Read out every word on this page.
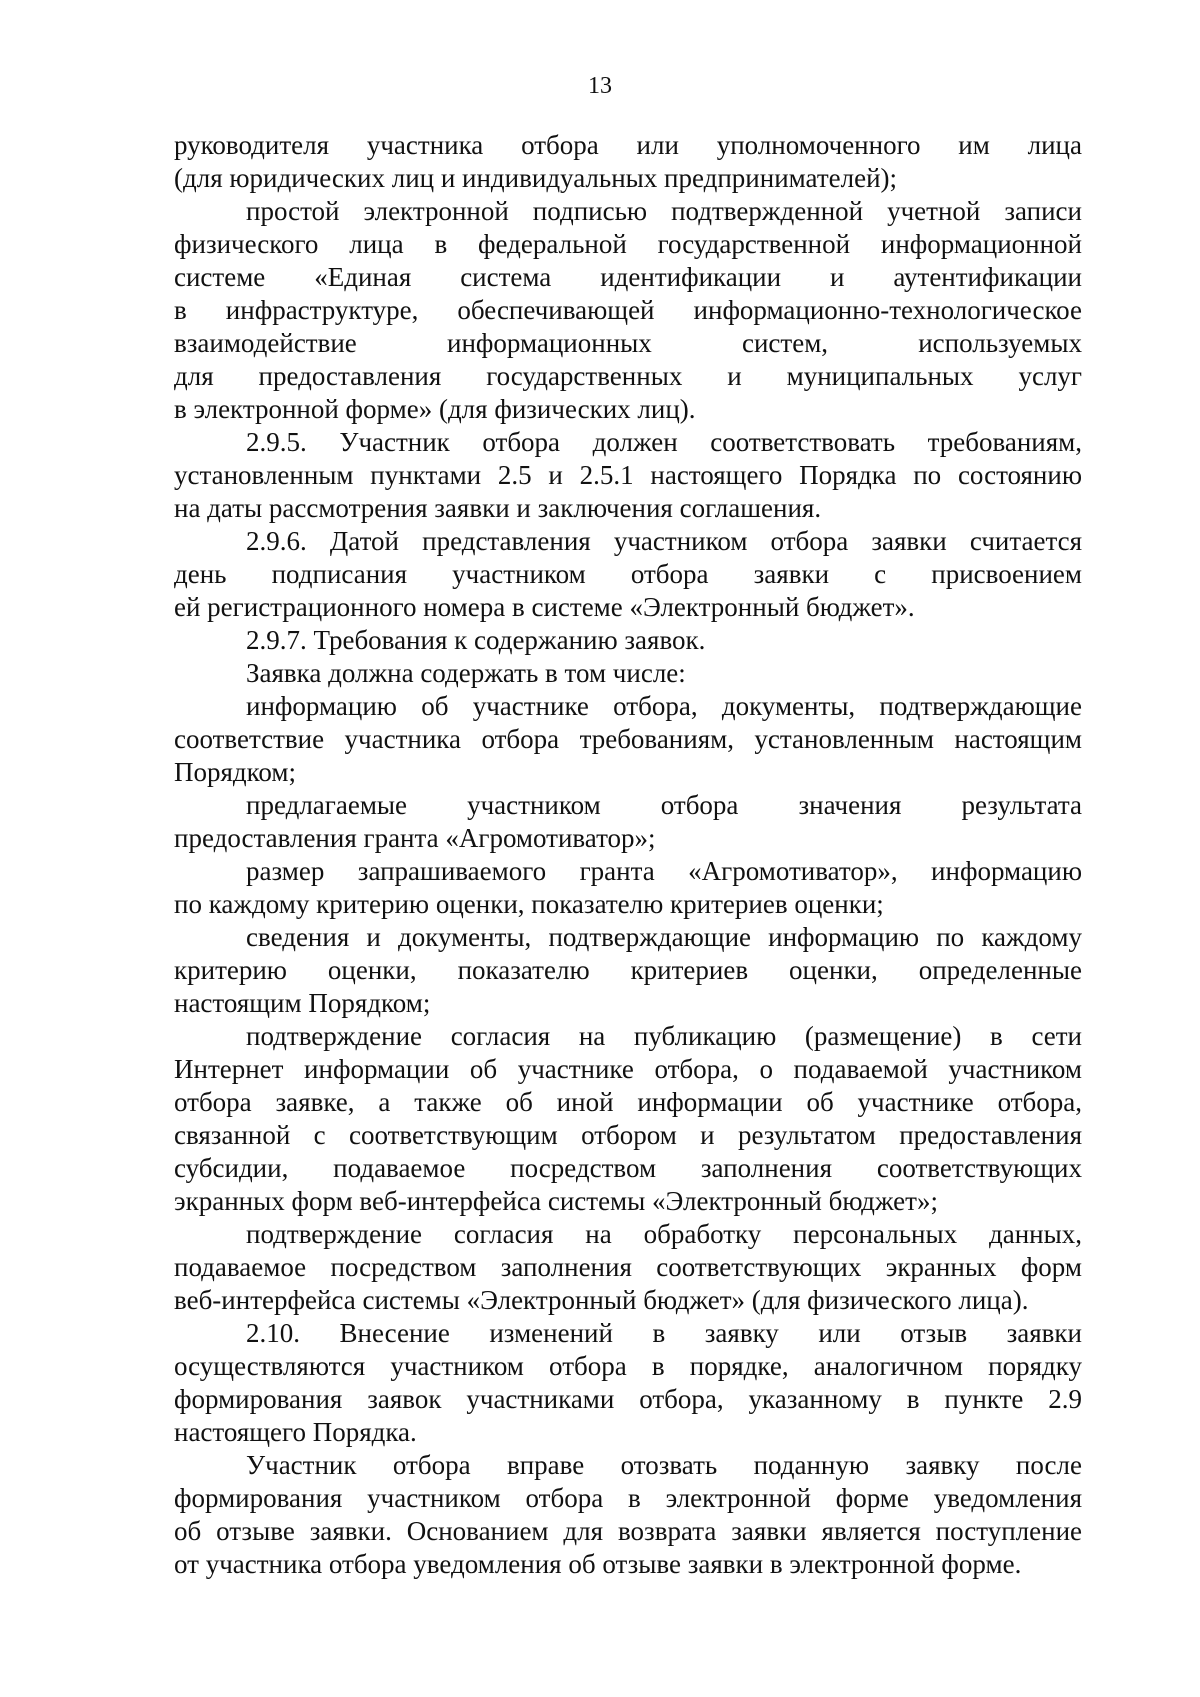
13

руководителя участника отбора или уполномоченного им лица

(для юридических лиц и индивидуальных предпринимателей);

простой электронной подписью подтвержденной учетной записи

физического лица в федеральной государственной информационной

системе «Единая система идентификации и аутентификации

в инфраструктуре, обеспечивающей информационно-технологическое

взаимодействие информационных систем, используемых

для предоставления государственных и муниципальных услуг

в электронной форме» (для физических лиц).

2.9.5. Участник отбора должен соответствовать требованиям,

установленным пунктами 2.5 и 2.5.1 настоящего Порядка по состоянию

на даты рассмотрения заявки и заключения соглашения.

2.9.6. Датой представления участником отбора заявки считается

день подписания участником отбора заявки с присвоением

ей регистрационного номера в системе «Электронный бюджет».

2.9.7. Требования к содержанию заявок.

Заявка должна содержать в том числе:

информацию об участнике отбора, документы, подтверждающие

соответствие участника отбора требованиям, установленным настоящим

Порядком;

предлагаемые участником отбора значения результата

предоставления гранта «Агромотиватор»;

размер запрашиваемого гранта «Агромотиватор», информацию

по каждому критерию оценки, показателю критериев оценки;

сведения и документы, подтверждающие информацию по каждому

критерию оценки, показателю критериев оценки, определенные

настоящим Порядком;

подтверждение согласия на публикацию (размещение) в сети

Интернет информации об участнике отбора, о подаваемой участником

отбора заявке, а также об иной информации об участнике отбора,

связанной с соответствующим отбором и результатом предоставления

субсидии, подаваемое посредством заполнения соответствующих

экранных форм веб-интерфейса системы «Электронный бюджет»;

подтверждение согласия на обработку персональных данных,

подаваемое посредством заполнения соответствующих экранных форм

веб-интерфейса системы «Электронный бюджет» (для физического лица).

2.10. Внесение изменений в заявку или отзыв заявки

осуществляются участником отбора в порядке, аналогичном порядку

формирования заявок участниками отбора, указанному в пункте 2.9

настоящего Порядка.

Участник отбора вправе отозвать поданную заявку после

формирования участником отбора в электронной форме уведомления

об отзыве заявки. Основанием для возврата заявки является поступление

от участника отбора уведомления об отзыве заявки в электронной форме.
